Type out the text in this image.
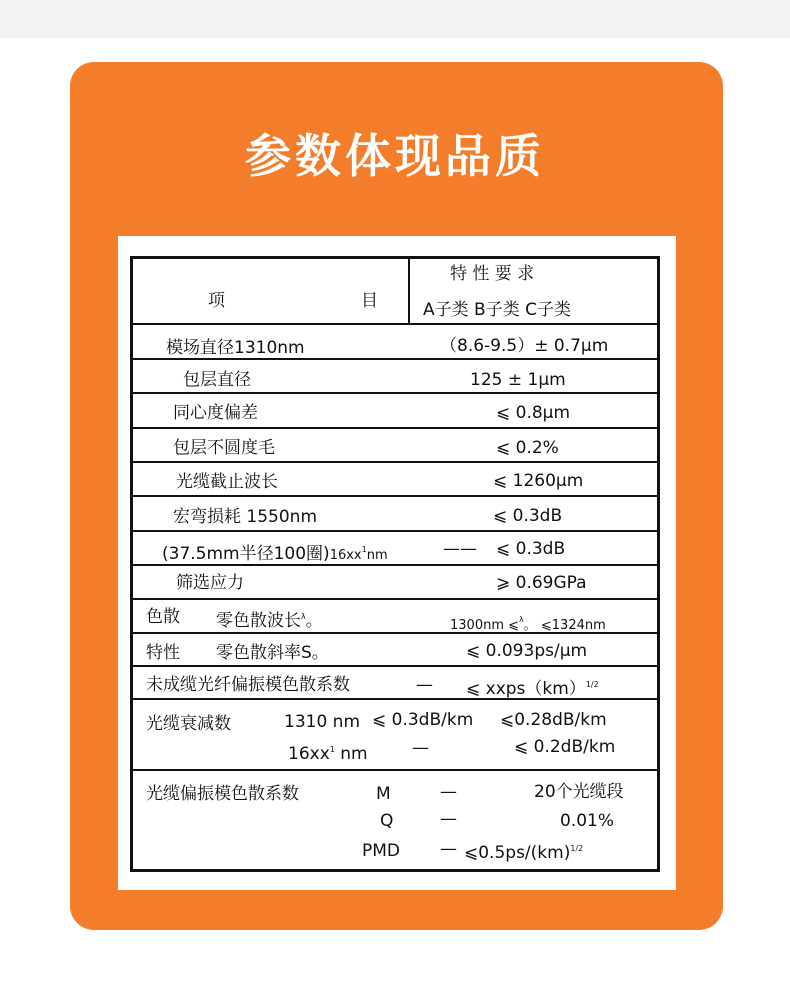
参数体现品质
项	目
特 性 要 求
A子类 B子类 C子类
模场直径1310nm	（8.6-9.5）± 0.7μm
包层直径	125 ± 1μm
同心度偏差	⩽ 0.8μm
包层不圆度毛	⩽ 0.2%
光缆截止波长	⩽ 1260μm
宏弯损耗 1550nm	⩽ 0.3dB
(37.5mm半径100圈)$16xx^1nm$	—— ⩽ 0.3dB
筛选应力	⩾ 0.69GPa
色散 零色散波长$^\lambda$。	1300nm ⩽$^\lambda$。 ⩽1324nm
特性 零色散斜率S。	⩽ 0.093ps/μm
未成缆光纤偏振模色散系数	— ⩽ xxps（km）$^{1/2}$
光缆衰减数	1310 nm ⩽ 0.3dB/km ⩽0.28dB/km
$16xx^1$ nm	—	⩽ 0.2dB/km
光缆偏振模色散系数	M	—	20个光缆段
Q	—	0.01%
PMD — ⩽0.5ps/(km)$^{1/2}$
